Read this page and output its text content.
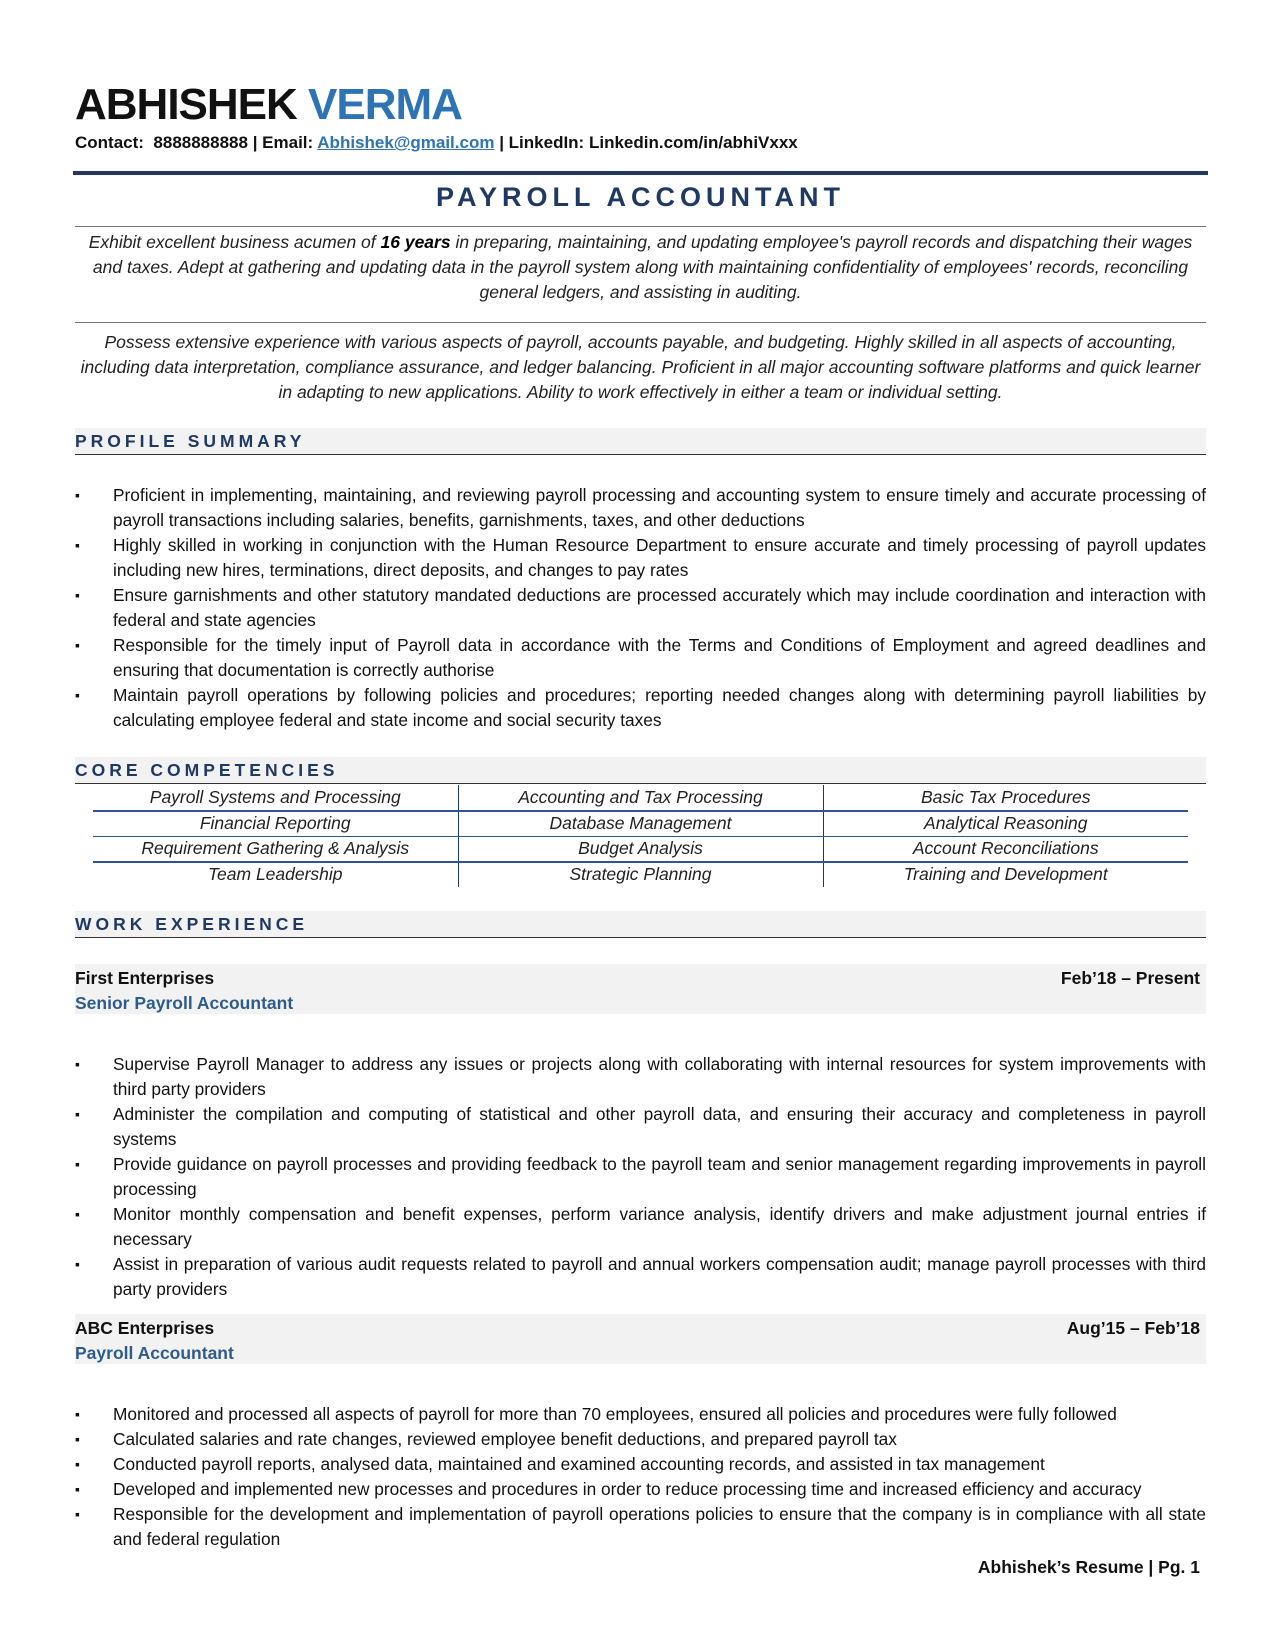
ABHISHEK VERMA
Contact: 8888888888 | Email: Abhishek@gmail.com | LinkedIn: Linkedin.com/in/abhiVxxx
PAYROLL ACCOUNTANT
Exhibit excellent business acumen of 16 years in preparing, maintaining, and updating employee's payroll records and dispatching their wages and taxes. Adept at gathering and updating data in the payroll system along with maintaining confidentiality of employees' records, reconciling general ledgers, and assisting in auditing.
Possess extensive experience with various aspects of payroll, accounts payable, and budgeting. Highly skilled in all aspects of accounting, including data interpretation, compliance assurance, and ledger balancing. Proficient in all major accounting software platforms and quick learner in adapting to new applications. Ability to work effectively in either a team or individual setting.
PROFILE SUMMARY
▪ Proficient in implementing, maintaining, and reviewing payroll processing and accounting system to ensure timely and accurate processing of payroll transactions including salaries, benefits, garnishments, taxes, and other deductions
▪ Highly skilled in working in conjunction with the Human Resource Department to ensure accurate and timely processing of payroll updates including new hires, terminations, direct deposits, and changes to pay rates
▪ Ensure garnishments and other statutory mandated deductions are processed accurately which may include coordination and interaction with federal and state agencies
▪ Responsible for the timely input of Payroll data in accordance with the Terms and Conditions of Employment and agreed deadlines and ensuring that documentation is correctly authorise
▪ Maintain payroll operations by following policies and procedures; reporting needed changes along with determining payroll liabilities by calculating employee federal and state income and social security taxes
CORE COMPETENCIES
Payroll Systems and Processing	Accounting and Tax Processing	Basic Tax Procedures
Financial Reporting	Database Management	Analytical Reasoning
Requirement Gathering & Analysis	Budget Analysis	Account Reconciliations
Team Leadership	Strategic Planning	Training and Development
WORK EXPERIENCE
First Enterprises	Feb’18 – Present
Senior Payroll Accountant
▪ Supervise Payroll Manager to address any issues or projects along with collaborating with internal resources for system improvements with third party providers
▪ Administer the compilation and computing of statistical and other payroll data, and ensuring their accuracy and completeness in payroll systems
▪ Provide guidance on payroll processes and providing feedback to the payroll team and senior management regarding improvements in payroll processing
▪ Monitor monthly compensation and benefit expenses, perform variance analysis, identify drivers and make adjustment journal entries if necessary
▪ Assist in preparation of various audit requests related to payroll and annual workers compensation audit; manage payroll processes with third party providers
ABC Enterprises	Aug’15 – Feb’18
Payroll Accountant
▪ Monitored and processed all aspects of payroll for more than 70 employees, ensured all policies and procedures were fully followed
▪ Calculated salaries and rate changes, reviewed employee benefit deductions, and prepared payroll tax
▪ Conducted payroll reports, analysed data, maintained and examined accounting records, and assisted in tax management
▪ Developed and implemented new processes and procedures in order to reduce processing time and increased efficiency and accuracy
▪ Responsible for the development and implementation of payroll operations policies to ensure that the company is in compliance with all state and federal regulation
Abhishek’s Resume | Pg. 1
